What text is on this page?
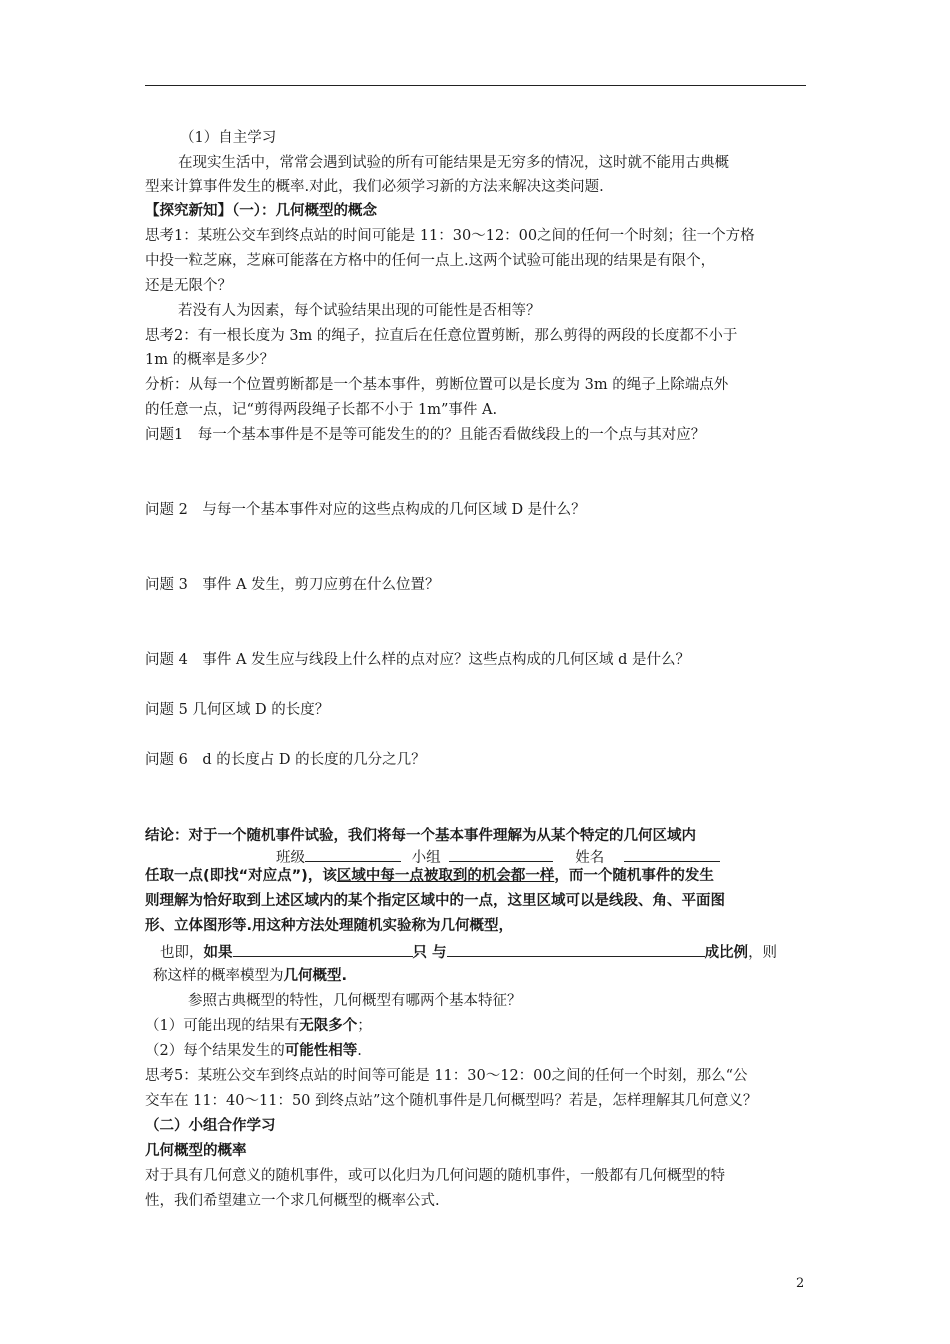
（1）自主学习
在现实生活中，常常会遇到试验的所有可能结果是无穷多的情况，这时就不能用古典概
型来计算事件发生的概率.对此，我们必须学习新的方法来解决这类问题.
【探究新知】（一）：几何概型的概念
思考1：某班公交车到终点站的时间可能是 11：30～12：00之间的任何一个时刻；往一个方格
中投一粒芝麻，芝麻可能落在方格中的任何一点上.这两个试验可能出现的结果是有限个，
还是无限个？
若没有人为因素，每个试验结果出现的可能性是否相等？
思考2：有一根长度为 3m 的绳子，拉直后在任意位置剪断，那么剪得的两段的长度都不小于
1m 的概率是多少？
分析：从每一个位置剪断都是一个基本事件，剪断位置可以是长度为 3m 的绳子上除端点外
的任意一点，记“剪得两段绳子长都不小于 1m”事件 A.
问题1　每一个基本事件是不是等可能发生的的？且能否看做线段上的一个点与其对应？
问题 2　与每一个基本事件对应的这些点构成的几何区域 D 是什么？
问题 3　事件 A 发生，剪刀应剪在什么位置？
问题 4　事件 A 发生应与线段上什么样的点对应？这些点构成的几何区域 d 是什么？
问题 5 几何区域 D 的长度？
问题 6　d 的长度占 D 的长度的几分之几？
结论：对于一个随机事件试验，我们将每一个基本事件理解为从某个特定的几何区域内
班级	小组	姓名
任取一点(即找“对应点”)，该区域中每一点被取到的机会都一样，而一个随机事件的发生
则理解为恰好取到上述区域内的某个指定区域中的一点，这里区域可以是线段、角、平面图
形、立体图形等.用这种方法处理随机实验称为几何概型，
也即，如果	只 与	成比例，则
称这样的概率模型为几何概型.
参照古典概型的特性，几何概型有哪两个基本特征？
（1）可能出现的结果有无限多个；
（2）每个结果发生的可能性相等.
思考5：某班公交车到终点站的时间等可能是 11：30～12：00之间的任何一个时刻，那么“公
交车在 11：40～11：50 到终点站”这个随机事件是几何概型吗？若是，怎样理解其几何意义？
（二）小组合作学习
几何概型的概率
对于具有几何意义的随机事件，或可以化归为几何问题的随机事件，一般都有几何概型的特
性，我们希望建立一个求几何概型的概率公式.
2
